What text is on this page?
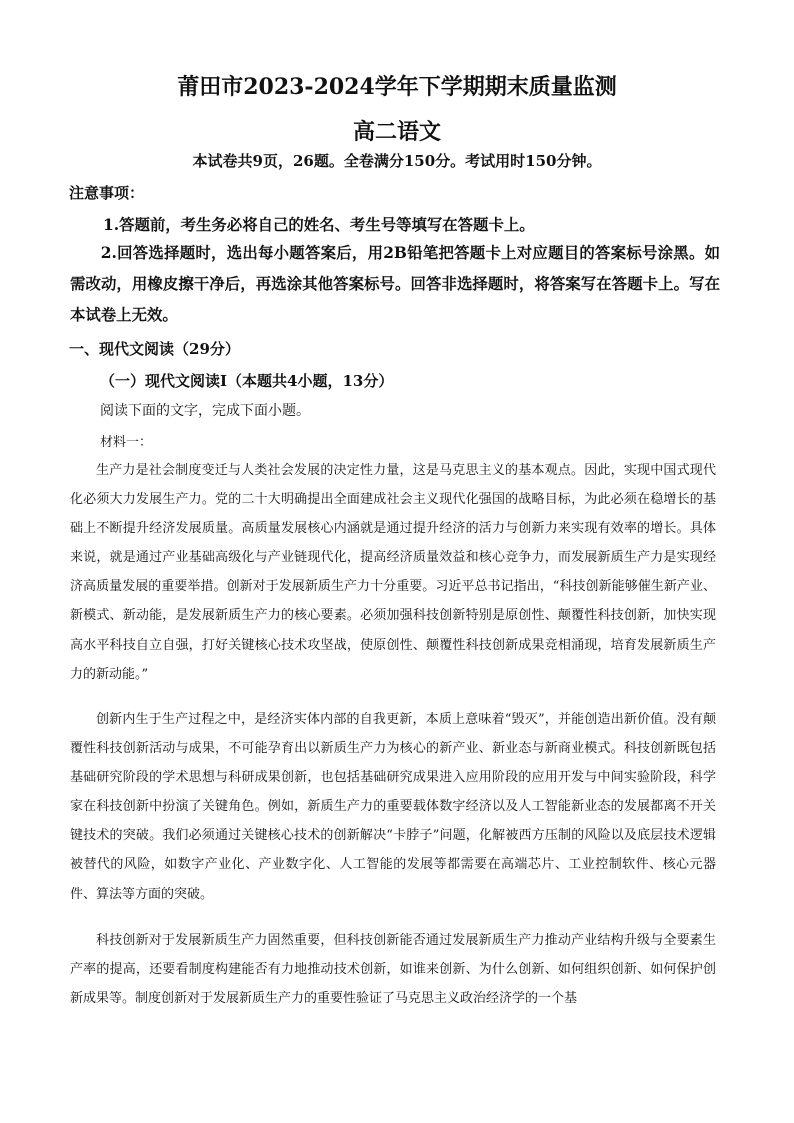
莆田市2023-2024学年下学期期末质量监测
高二语文
本试卷共9页，26题。全卷满分150分。考试用时150分钟。
注意事项：
1.答题前，考生务必将自己的姓名、考生号等填写在答题卡上。
2.回答选择题时，选出每小题答案后，用2B铅笔把答题卡上对应题目的答案标号涂黑。如需改动，用橡皮擦干净后，再选涂其他答案标号。回答非选择题时，将答案写在答题卡上。写在本试卷上无效。
一、现代文阅读（29分）
（一）现代文阅读Ⅰ（本题共4小题，13分）
阅读下面的文字，完成下面小题。
材料一：
生产力是社会制度变迁与人类社会发展的决定性力量，这是马克思主义的基本观点。因此，实现中国式现代化必须大力发展生产力。党的二十大明确提出全面建成社会主义现代化强国的战略目标，为此必须在稳增长的基础上不断提升经济发展质量。高质量发展核心内涵就是通过提升经济的活力与创新力来实现有效率的增长。具体来说，就是通过产业基础高级化与产业链现代化，提高经济质量效益和核心竞争力，而发展新质生产力是实现经济高质量发展的重要举措。创新对于发展新质生产力十分重要。习近平总书记指出，“科技创新能够催生新产业、新模式、新动能，是发展新质生产力的核心要素。必须加强科技创新特别是原创性、颠覆性科技创新，加快实现高水平科技自立自强，打好关键核心技术攻坚战，使原创性、颠覆性科技创新成果竞相涌现，培育发展新质生产力的新动能。”
创新内生于生产过程之中，是经济实体内部的自我更新，本质上意味着“毁灭”，并能创造出新价值。没有颠覆性科技创新活动与成果，不可能孕育出以新质生产力为核心的新产业、新业态与新商业模式。科技创新既包括基础研究阶段的学术思想与科研成果创新，也包括基础研究成果进入应用阶段的应用开发与中间实验阶段，科学家在科技创新中扮演了关键角色。例如，新质生产力的重要载体数字经济以及人工智能新业态的发展都离不开关键技术的突破。我们必须通过关键核心技术的创新解决“卡脖子”问题，化解被西方压制的风险以及底层技术逻辑被替代的风险，如数字产业化、产业数字化、人工智能的发展等都需要在高端芯片、工业控制软件、核心元器件、算法等方面的突破。
科技创新对于发展新质生产力固然重要，但科技创新能否通过发展新质生产力推动产业结构升级与全要素生产率的提高，还要看制度构建能否有力地推动技术创新，如谁来创新、为什么创新、如何组织创新、如何保护创新成果等。制度创新对于发展新质生产力的重要性验证了马克思主义政治经济学的一个基
